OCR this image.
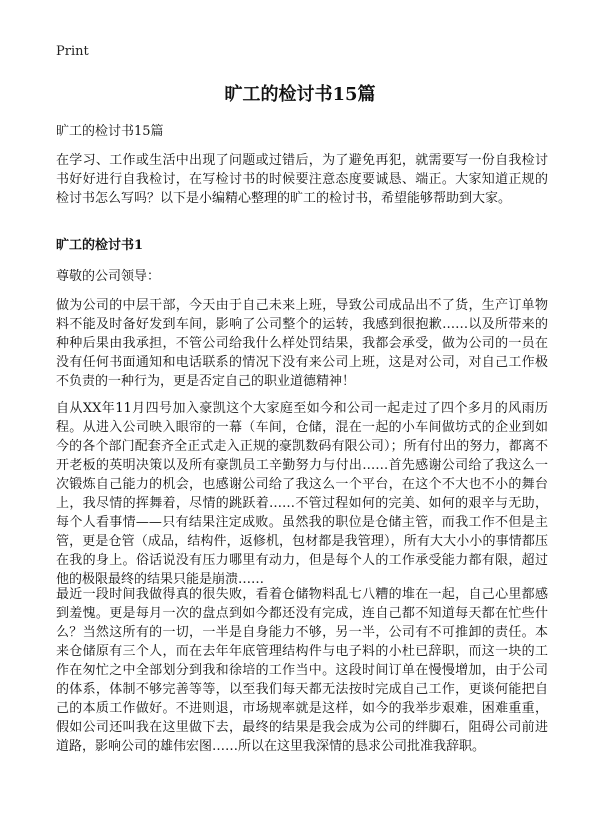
Print
旷工的检讨书15篇

旷工的检讨书15篇

在学习、工作或生活中出现了问题或过错后，为了避免再犯，就需要写一份自我检讨书好好进行自我检讨，在写检讨书的时候要注意态度要诚恳、端正。大家知道正规的检讨书怎么写吗？以下是小编精心整理的旷工的检讨书，希望能够帮助到大家。

旷工的检讨书1

尊敬的公司领导：

做为公司的中层干部，今天由于自己未来上班，导致公司成品出不了货，生产订单物料不能及时备好发到车间，影响了公司整个的运转，我感到很抱歉……以及所带来的种种后果由我承担，不管公司给我什么样处罚结果，我都会承受，做为公司的一员在没有任何书面通知和电话联系的情况下没有来公司上班，这是对公司，对自己工作极不负责的一种行为，更是否定自己的职业道德精神！

自从XX年11月四号加入豪凯这个大家庭至如今和公司一起走过了四个多月的风雨历程。从进入公司映入眼帘的一幕（车间，仓储，混在一起的小车间做坊式的企业到如今的各个部门配套齐全正式走入正规的豪凯数码有限公司）；所有付出的努力，都离不开老板的英明决策以及所有豪凯员工辛勤努力与付出……首先感谢公司给了我这么一次锻炼自己能力的机会，也感谢公司给了我这么一个平台，在这个不大也不小的舞台上，我尽情的挥舞着，尽情的跳跃着……不管过程如何的完美、如何的艰辛与无助，每个人看事情——只有结果注定成败。虽然我的职位是仓储主管，而我工作不但是主管，更是仓管（成品，结构件，返修机，包材都是我管理），所有大大小小的事情都压在我的身上。俗话说没有压力哪里有动力，但是每个人的工作承受能力都有限，超过他的极限最终的结果只能是崩溃……

最近一段时间我做得真的很失败，看着仓储物料乱七八糟的堆在一起，自己心里都感到羞愧。更是每月一次的盘点到如今都还没有完成，连自己都不知道每天都在忙些什么？当然这所有的一切，一半是自身能力不够，另一半，公司有不可推卸的责任。本来仓储原有三个人，而在去年年底管理结构件与电子料的小杜已辞职，而这一块的工作在匆忙之中全部划分到我和徐培的工作当中。这段时间订单在慢慢增加，由于公司的体系，体制不够完善等等，以至我们每天都无法按时完成自己工作，更谈何能把自己的本质工作做好。不进则退，市场规率就是这样，如今的我举步艰难，困难重重，假如公司还叫我在这里做下去，最终的结果是我会成为公司的绊脚石，阻碍公司前进道路，影响公司的雄伟宏图……所以在这里我深情的恳求公司批准我辞职。
